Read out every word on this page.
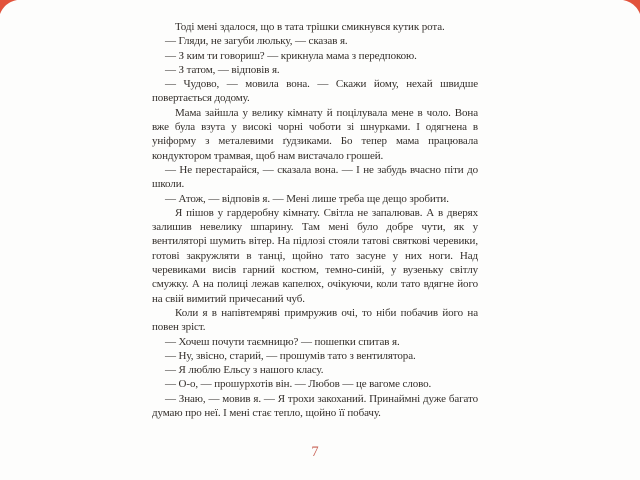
Тоді мені здалося, що в тата трішки смикнувся кутик рота.

— Гляди, не загуби люльку, — сказав я.

— З ким ти говориш? — крикнула мама з передпокою.

— З татом, — відповів я.

— Чудово, — мовила вона. — Скажи йому, нехай швидше повертається додому.

Мама зайшла у велику кімнату й поцілувала мене в чоло. Вона вже була взута у високі чорні чоботи зі шнурками. І одягнена в уніформу з металевими ґудзиками. Бо тепер мама працювала кондуктором трамвая, щоб нам вистачало грошей.

— Не перестарайся, — сказала вона. — І не забудь вчасно піти до школи.

— Атож, — відповів я. — Мені лише треба ще дещо зробити.

Я пішов у гардеробну кімнату. Світла не запалював. А в дверях залишив невелику шпарину. Там мені було добре чути, як у вентиляторі шумить вітер. На підлозі стояли татові святкові черевики, готові закружляти в танці, щойно тато засуне у них ноги. Над черевиками висів гарний костюм, темно-синій, у вузеньку світлу смужку. А на полиці лежав капелюх, очікуючи, коли тато вдягне його на свій вимитий причесаний чуб.

Коли я в напівтемряві примружив очі, то ніби побачив його на повен зріст.

— Хочеш почути таємницю? — пошепки спитав я.

— Ну, звісно, старий, — прошумів тато з вентилятора.

— Я люблю Ельсу з нашого класу.

— О-о, — прошурхотів він. — Любов — це вагоме слово.

— Знаю, — мовив я. — Я трохи закоханий. Принаймні дуже багато думаю про неї. І мені стає тепло, щойно її побачу.

7
